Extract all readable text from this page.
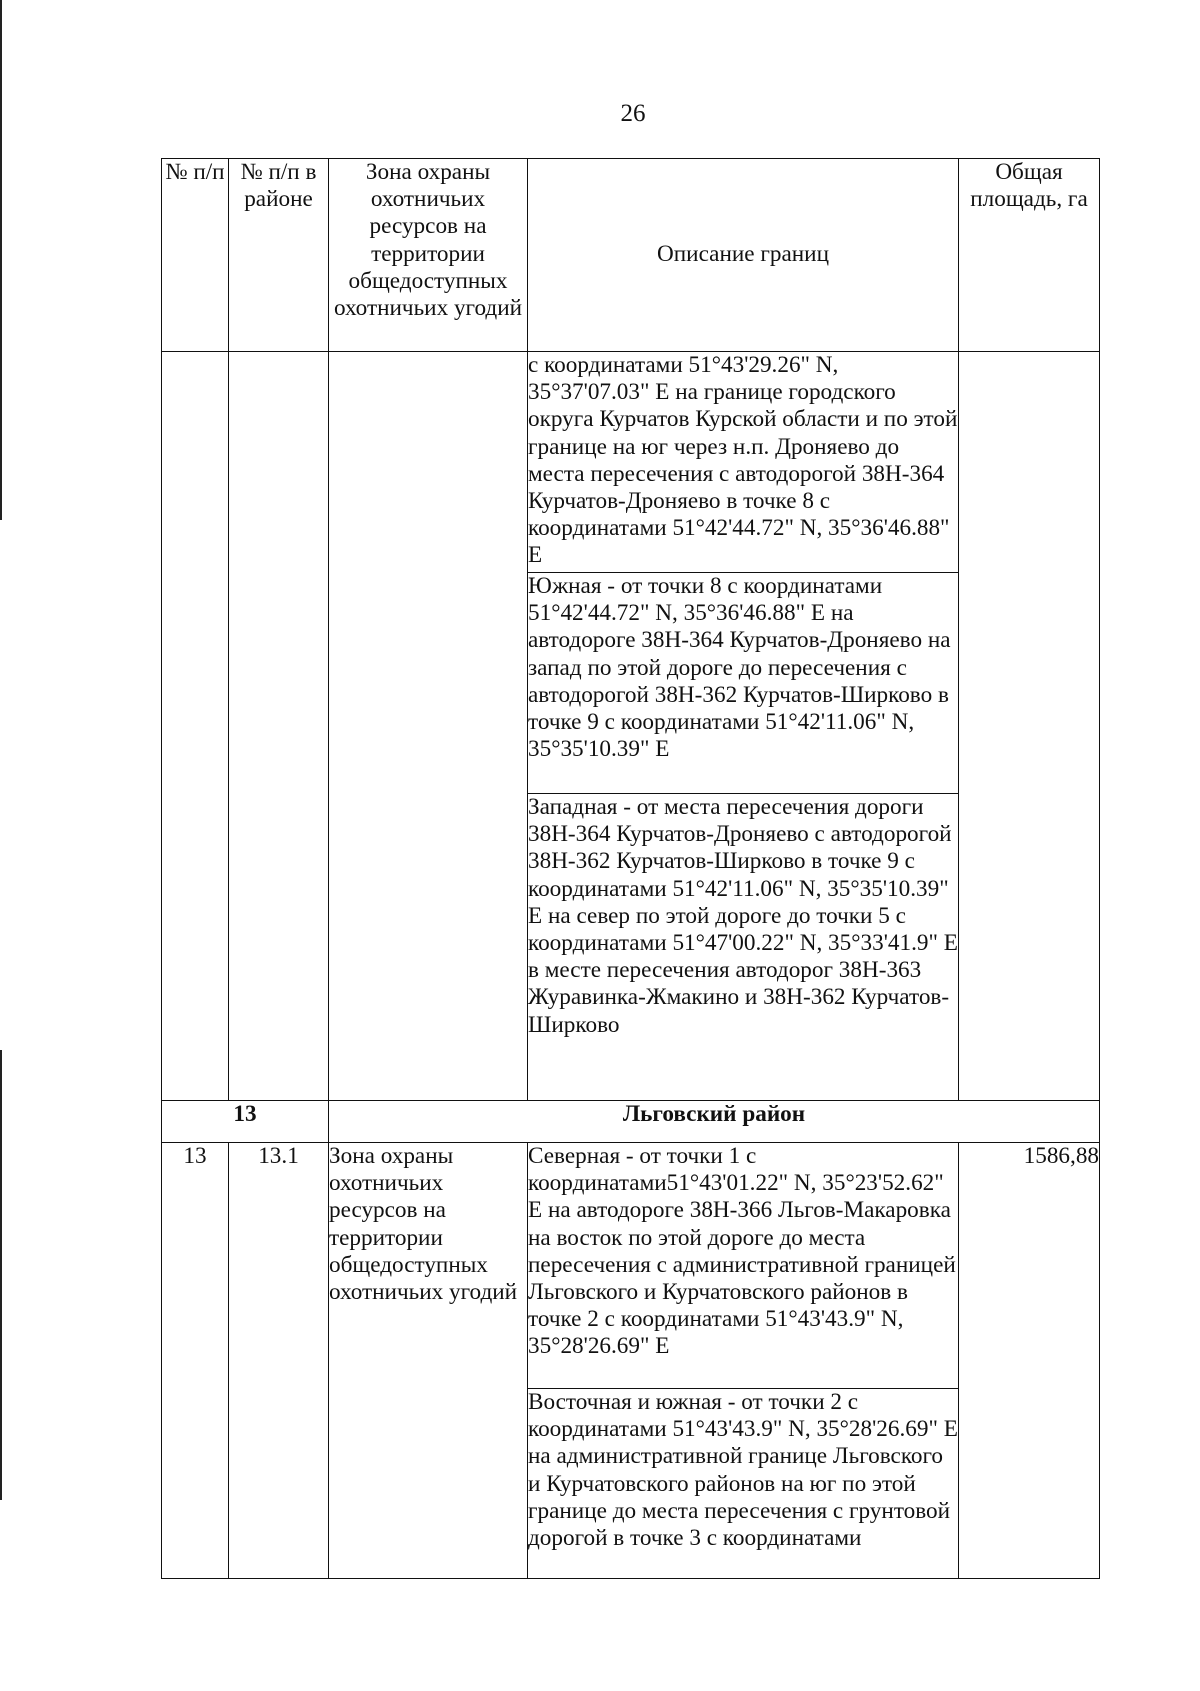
26
№ п/п	№ п/п в районе	Зона охраны охотничьих ресурсов на территории общедоступных охотничьих угодий	Описание границ	Общая площадь, га
			с координатами 51°43'29.26" N, 35°37'07.03" Е на границе городского округа Курчатов Курской области и по этой границе на юг через н.п. Дроняево до места пересечения с автодорогой 38Н-364 Курчатов-Дроняево в точке 8 с координатами 51°42'44.72" N, 35°36'46.88" Е	
			Южная - от точки 8 с координатами 51°42'44.72" N, 35°36'46.88" Е на автодороге 38Н-364 Курчатов-Дроняево на запад по этой дороге до пересечения с автодорогой 38Н-362 Курчатов-Ширково в точке 9 с координатами 51°42'11.06" N, 35°35'10.39" Е	
			Западная - от места пересечения дороги 38Н-364 Курчатов-Дроняево с автодорогой 38Н-362 Курчатов-Ширково в точке 9 с координатами 51°42'11.06" N, 35°35'10.39" Е на север по этой дороге до точки 5 с координатами 51°47'00.22" N, 35°33'41.9" Е в месте пересечения автодорог 38Н-363 Журавинка-Жмакино и 38Н-362 Курчатов-Ширково	
13		Льговский район		
13	13.1	Зона охраны охотничьих ресурсов на территории общедоступных охотничьих угодий	Северная - от точки 1 с координатами51°43'01.22" N, 35°23'52.62" Е на автодороге 38Н-366 Льгов-Макаровка на восток по этой дороге до места пересечения с административной границей Льговского и Курчатовского районов в точке 2 с координатами 51°43'43.9" N, 35°28'26.69" Е	1586,88
			Восточная и южная - от точки 2 с координатами 51°43'43.9" N, 35°28'26.69" Е на административной границе Льговского и Курчатовского районов на юг по этой границе до места пересечения с грунтовой дорогой в точке 3 с координатами	
